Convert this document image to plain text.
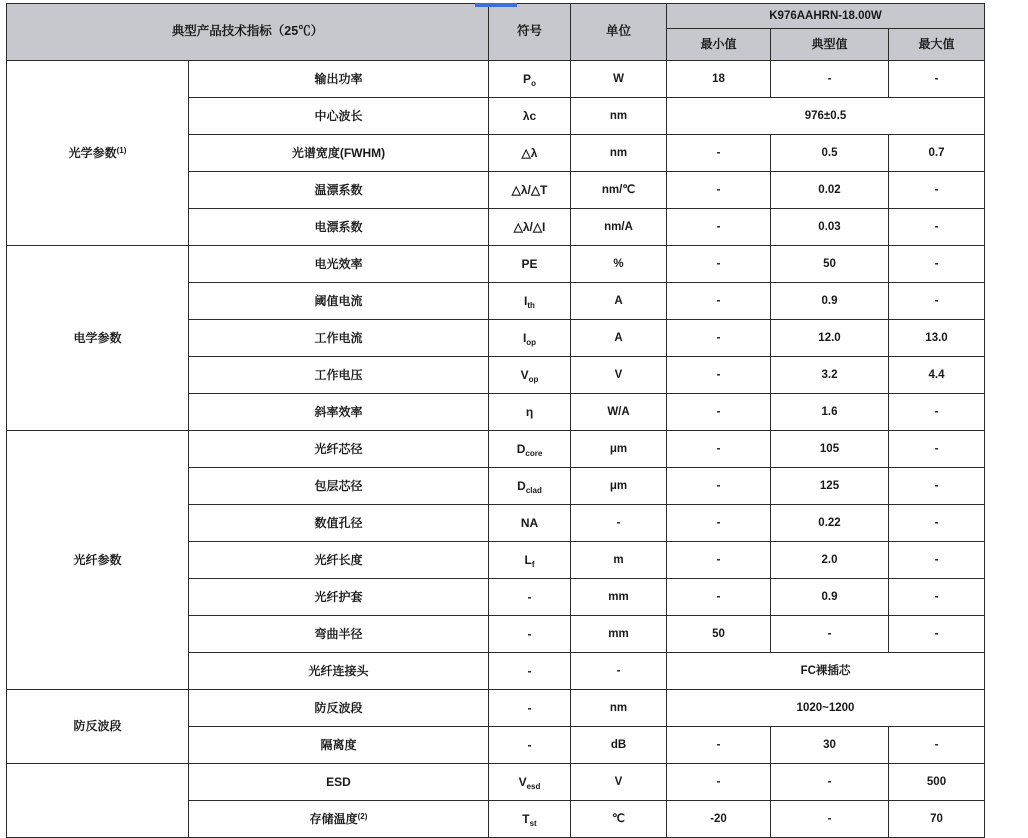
典型产品技术指标（25℃）		符号	单位	K976AAHRN-18.00W		
				最小值	典型值	最大值
光学参数$^{(1)}$	输出功率	$P_o$	W	18	-	-
	中心波长	λc	nm	976±0.5		
	光谱宽度(FWHM)	△λ	nm	-	0.5	0.7
	温漂系数	△λ/△T	nm/℃	-	0.02	-
	电漂系数	△λ/△I	nm/A	-	0.03	-
电学参数	电光效率	PE	%	-	50	-
	阈值电流	$I_{th}$	A	-	0.9	-
	工作电流	$I_{op}$	A	-	12.0	13.0
	工作电压	$V_{op}$	V	-	3.2	4.4
	斜率效率	η	W/A	-	1.6	-
光纤参数	光纤芯径	$D_{core}$	μm	-	105	-
	包层芯径	$D_{clad}$	μm	-	125	-
	数值孔径	NA	-	-	0.22	-
	光纤长度	$L_f$	m	-	2.0	-
	光纤护套	-	mm	-	0.9	-
	弯曲半径	-	mm	50	-	-
	光纤连接头	-	-	FC裸插芯		
防反波段	防反波段	-	nm	1020~1200		
	隔离度	-	dB	-	30	-
	ESD	$V_{esd}$	V	-	-	500
	存储温度$^{(2)}$	$T_{st}$	℃	-20	-	70
